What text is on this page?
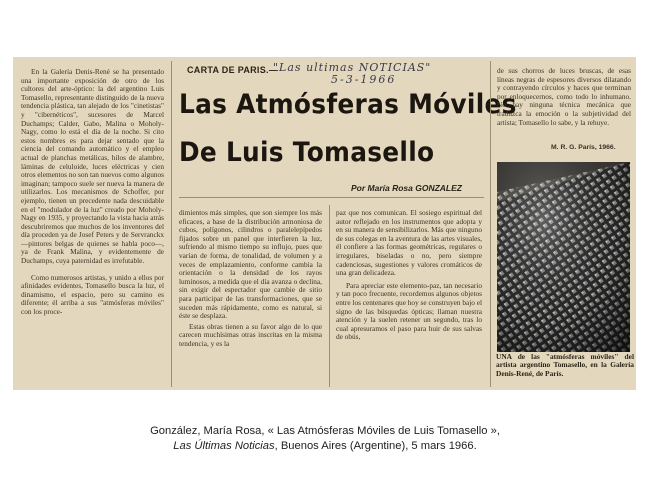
En la Galería Denis-René se ha presentado una importante exposición de otro de los cultores del arte-óptico: la del argentino Luis Tomasello, representante distinguido de la nueva tendencia plástica, tan alejado de los "cinetistas" y "cibernéticos", sucesores de Marcel Duchamps; Calder, Gabo, Malina o Moholy-Nagy, como lo está el día de la noche. Si cito estos nombres es para dejar sentado que la ciencia del comando automático y el empleo actual de planchas metálicas, hilos de alambre, láminas de celuloide, luces eléctricas y cien otros elementos no son tan nuevos como algunos imaginan; tampoco suele ser nueva la manera de utilizarlos. Los mecanismos de Schoffer, por ejemplo, tienen un precedente nada descuidable en el "modulador de la luz" creado por Moholy-Nagy en 1935, y proyectando la vista hacia atrás descubriremos que muchos de los inventores del día proceden ya de Josef Peters y de Servranckx —pintores belgas de quienes se habla poco—, ya de Frank Malina, y evidentemente de Duchamps, cuya paternidad es irrefutable.

Como numerosos artistas, y unido a ellos por afinidades evidentes, Tomasello busca la luz, el dinamismo, el espacio, pero su camino es diferente; él arriba a sus "atmósferas móviles" con los proce-

CARTA DE PARIS.—
"Las ultimas NOTICIAS"
5-3-1966
Las Atmósferas Móviles
De Luis Tomasello
Por María Rosa GONZALEZ

dimientos más simples, que son siempre los más eficaces, a base de la distribución armoniosa de cubos, polígonos, cilindros o paralelepípedos fijados sobre un panel que interfieren la luz, sufriendo al mismo tiempo su influjo, pues que varían de forma, de tonalidad, de volumen y a veces de emplazamiento, conforme cambia la orientación o la densidad de los rayos luminosos, a medida que el día avanza o declina, sin exigir del espectador que cambie de sitio para participar de las transformaciones, que se suceden más rápidamente, como es natural, si éste se desplaza.

Estas obras tienen a su favor algo de lo que carecen muchísimas otras inscritas en la misma tendencia, y es la

paz que nos comunican. El sosiego espiritual del autor reflejado en los instrumentos que adopta y en su manera de sensibilizarlos. Más que ninguno de sus colegas en la aventura de las artes visuales, él confiere a las formas geométricas, regulares o irregulares, biseladas o no, pero siempre cadenciosas, sugestiones y valores cromáticos de una gran delicadeza.

Para apreciar este elemento-paz, tan necesario y tan poco frecuente, recordemos algunos objetos entre los centenares que hoy se construyen bajo el signo de las búsquedas ópticas; llaman nuestra atención y la suelen retener un segundo, tras lo cual apresuramos el paso para huir de sus salvas de obús,

de sus chorros de luces bruscas, de esas líneas negras de espesores diversos dilatando y contrayendo círculos y haces que terminan por enloquecernos, como todo lo inhumano. No hay ninguna técnica mecánica que traduzca la emoción o la subjetividad del artista; Tomasello lo sabe, y la rehuye.

M. R. G. París, 1966.
UNA de las "atmósferas móviles" del artista argentino Tomasello, en la Galería Denis-René, de París.
González, María Rosa, « Las Atmósferas Móviles de Luis Tomasello »,
Las Últimas Noticias, Buenos Aires (Argentine), 5 mars 1966.
